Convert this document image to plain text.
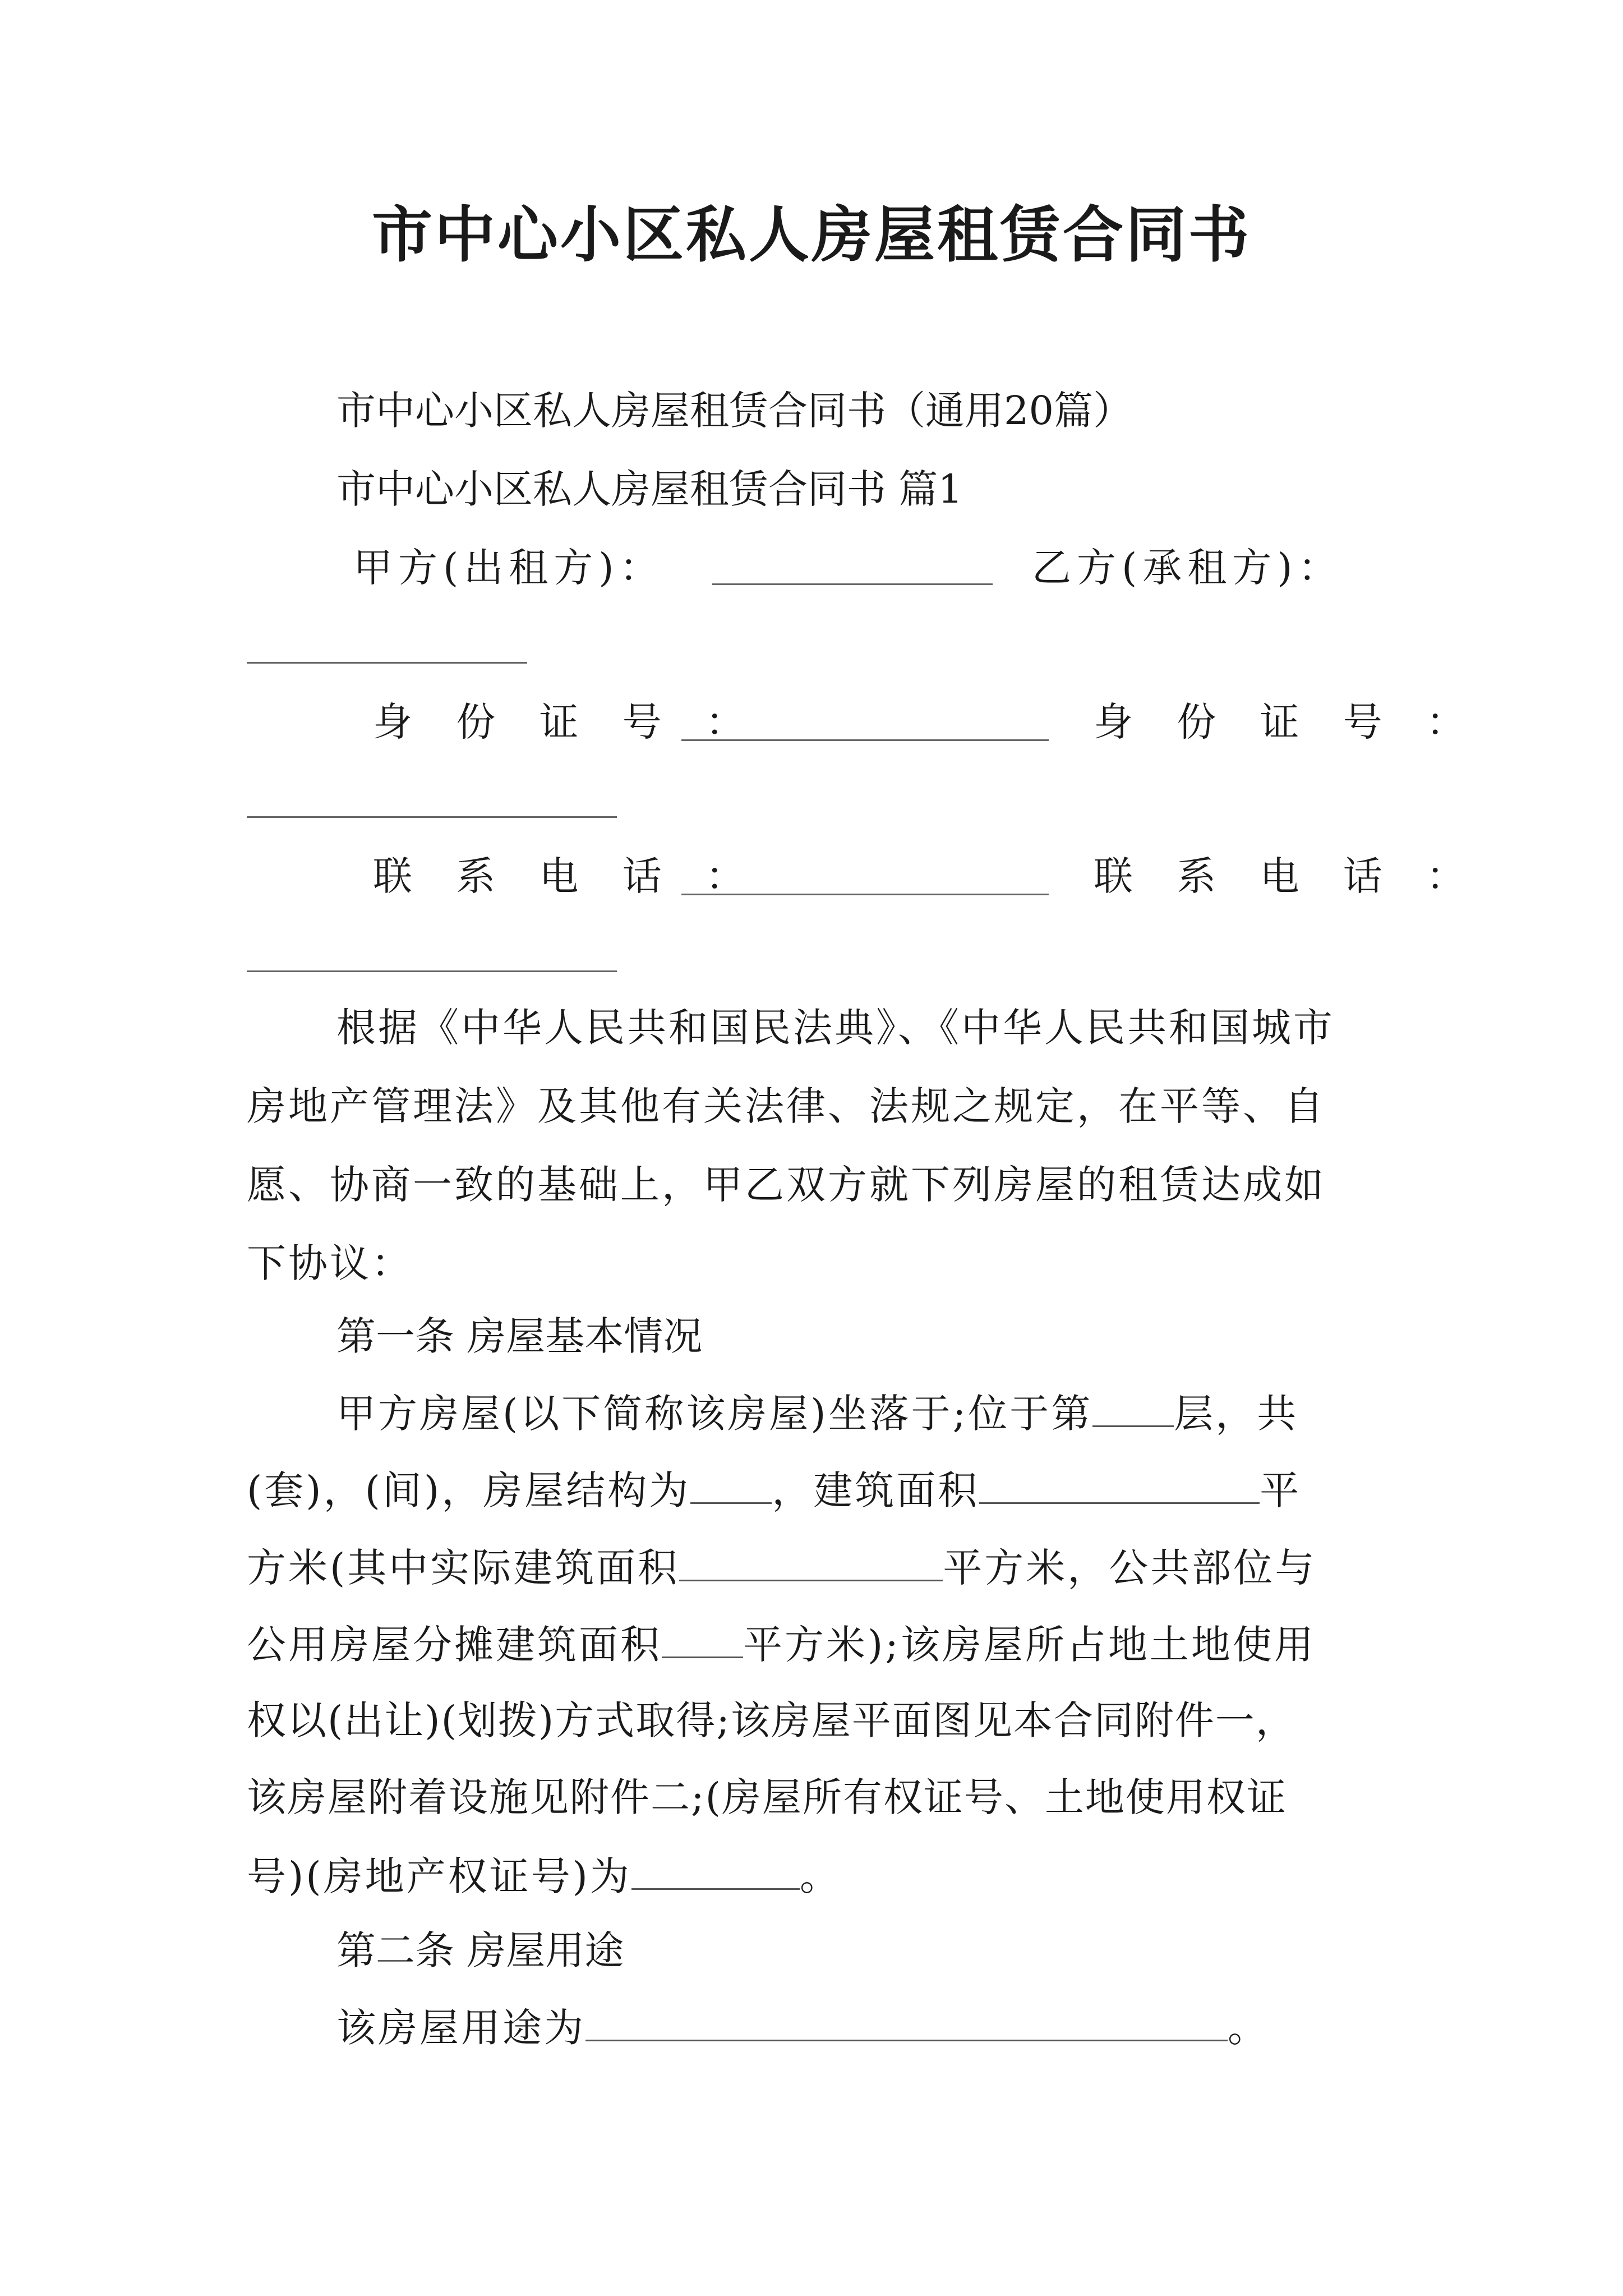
市中心小区私人房屋租赁合同书
市中心小区私人房屋租赁合同书（通用20篇）
市中心小区私人房屋租赁合同书 篇1
甲方(出租方)：	乙方(承租方)：
身 份 证 号 ：	身 份 证 号 ：
联 系 电 话 ：	联 系 电 话 ：
根据《中华人民共和国民法典》、《中华人民共和国城市
房地产管理法》及其他有关法律、法规之规定，在平等、自
愿、协商一致的基础上，甲乙双方就下列房屋的租赁达成如
下协议：
第一条 房屋基本情况
甲方房屋(以下简称该房屋)坐落于;位于第 层，共
(套)，(间)，房屋结构为 ，建筑面积	平
方米(其中实际建筑面积	平方米，公共部位与
公用房屋分摊建筑面积 平方米);该房屋所占地土地使用
权以(出让)(划拨)方式取得;该房屋平面图见本合同附件一，
该房屋附着设施见附件二;(房屋所有权证号、土地使用权证
号)(房地产权证号)为	。
第二条 房屋用途
该房屋用途为	。
